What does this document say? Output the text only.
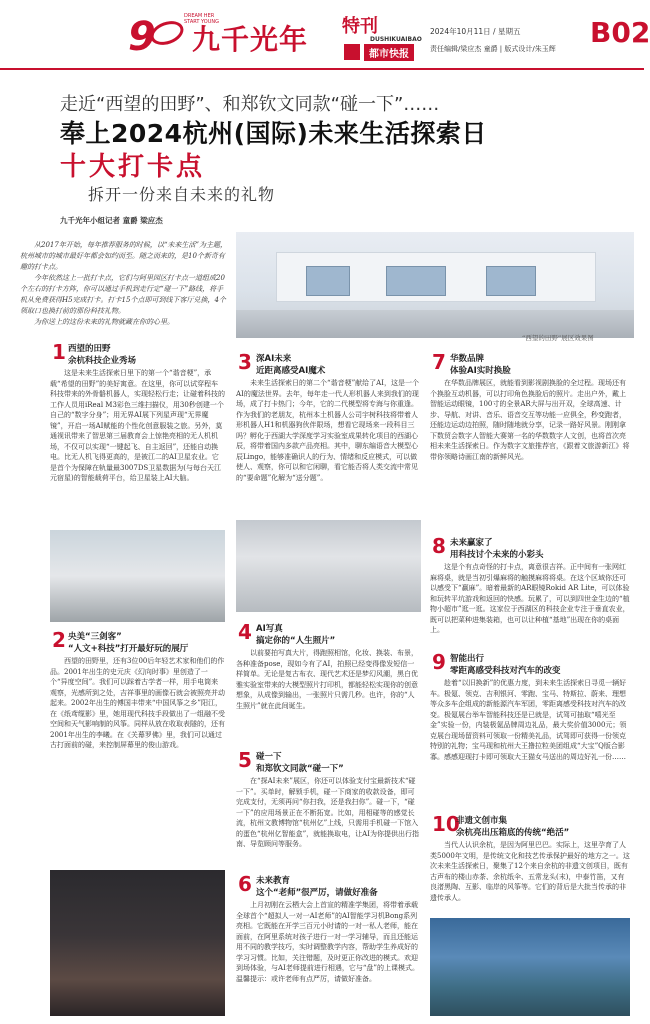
9	DREAM HER
START YOUNG
九千光年 特刊
DUSHIKUAIBAO
都市快报
2024年10月11日 / 星期五
责任编辑/梁应杰 童爵 | 版式设计/朱玉辉 B02
走近“西望的田野”、和郑钦文同款“碰一下”……
奉上2024杭州(国际)未来生活探索日
十大打卡点
拆开一份来自未来的礼物
九千光年小组记者 童爵 梁应杰

从2017年开始，每年推荐服务的时候，以“未来生活”为主题，杭州城市的城市最好年都会如约而至。随之而来的，是10个新奇有趣的打卡点。

今年依然这上一批打卡点，它们与阿里园区打卡点一道组成20个左右的打卡方阵，你可以通过手机到走行定“碰一下”路线，将手机从免费获得H5完成打卡。打卡15个点即可到线下客厅兑换，4个领取口也换打前的那份科技礼物。

为你送上的这份未来的礼物就藏在你的心里。

“西望的田野”展区效果图
1 西望的田野
余杭科技企业秀场
这是未来生活探索日里下的第一个“谐音梗”，承载“希望的田野”的美好寓意。在这里，你可以试穿程车科技带来的外骨骼机器人，实现轻松行走；让碰着科技的工作人员用iReal M3彩色三维扫描仪，用30秒创建一个自己的“数字分身”；用无界AI展下列星声现“无界魔镜”，开启一场AI赋能的个性化创意服装之旅。另外，莫通视讯带来了智思第三届教育会上惊艳亮相的无人机机场，不仅可以实现“一键起飞、自主返回”，还能自动换电。比无人机飞得更高的，是被江二的AI卫星农业。它是首个为保障在轨量最3007DS卫星数据为(与每台天江元宿星)的智能载荷平台，给卫星装上AI大脑。
2 央美“三剑客”
“人文+科技”打开最好玩的展厅
西望的田野里，还有3位00后年轻艺术家和他们的作品。2001年出生的史元庆《幻向时事》里创造了一个“异度空间”。我们可以踩着古学者一样，用手电筒来观察，光感所到之处，吉祥事里的画像石就会被照亮并动起来。2002年出生的傅国丰带来“中国风筝之乡”阳江，在《纸鸢缆影》里，她用现代科技手段做出了一组融不受空间和天气影响制的风筝。同样从放在收取表隧的，还有2001年出生的李曦。在《关幕罗佛》里，我们可以通过古打面前的碰，来控制屏幕里的俊山游戏。
3 深AI未来
近距离感受AI魔术
未来生活探索日的第二个“谐音梗”献给了AI，这是一个AI的魔法世界。去年，每年走一代人形机器人来到我们的现场，成了打卡热门；今年，它的二代模型将专海与你重逢。作为我们的老朋友，杭州本土机器人公司宇树科技将带着人形机器人H1和机器狗伙伴限场，想看它现场来一段科目三吗？孵化于西湖大学深度学习实验室成果转化项目的西湖心辰，将带着国内多款产品亮相。其中，聊东编语音大模型心辰Lingo，能够准确识人的行为、情绪和反应模式，可以做使人、观察，你可以和它闲聊，看它能否将人类交流中常见的“要命题”化解为“送分题”。
4 AI写真
搞定你的“人生照片”
以前要拍写真大片，得跑照相馆，化妆、换装、布景，各种准备pose，现如今有了AI，拍照已经变得像发短信一样简单。无论是复古布衣、现代艺术还是梦幻风潮，黑白优雅实验室带来的大模型照片打印机，都能轻松实现你的创意想象，从成像到输出，一张照片只需几秒。也许，你的“人生照片”就在此间诞生。
5 碰一下
和郑钦文同款“碰一下”
在“探AI未来”展区，你还可以体验支付宝最新技术“碰一下”。买单时，解锁手机，碰一下商家的收款设备，即可完成支付，无须再问“你扫我，还是我扫你”。碰一下，“碰一下”的应用场景正在不断拓宽。比如，用相碰等的感觉长流，杭州文教博物馆“杭州亿”上线，只需用手机碰一下馆入的蛋色“杭州亿智能盒”，就能换取电，让AI为你提供出行指南、导览顾问等服务。
6 未来教育
这个“老师”很严厉，请做好准备
上月初刚在云栖大会上首宣的精准学集团，将带着承载全球首个“超拟人一对一AI老师”的AI智能学习机Bong系列亮相。它既能在开学三百元小时请的一对一私人老师，能在面前，在阿里系统对孩子进行一对一学习辅导，而且还能运用不同的教学技巧，实时调整教学内容，帮助学生养成好的学习习惯。比如，关注错题，及时更正你改进的模式。欢迎到场体验，与AI老师提前进行相遇，它与“盘”的上课模式。温馨提示：或许老师有点严厉，请做好准备。
7 华数品牌
体验AI实时换脸
在华数品牌展区，就能看到影视剧换脸的全过程。现场还有个换脸互动机器，可以打印角色换脸后的照片。走出户外，戴上智能运动眼镜，100寸的全景AR大屏与出开双，全球高速、计步、导航、对讲、音乐、语音交互等功能一应俱全，秒变跑者，还能边运动边拍照，随时随地就分享，记录一路好风景。刚刚拿下数贸会数字人智能大赛第一名的华数数字人文创，也将首次亮相未来生活探索日。作为数字文旅推荐官，《跟着文旅游新江》将带你领略诗画江南的新鲜风光。
8 未来赢家了
用科技讨个未来的小彩头
这是个有点奇怪的打卡点，离意很吉祥。正中间有一张网红麻将桌，就是当初引爆麻将的触摸麻将将桌。在这个区域你还可以感受下“赢麻”。暗着最新的AR眼镜Rokid AR Lite，可以体验和玩转平坑游戏和返回的快感。玩累了，可以到四世金生边的“植物小超市”逛一逛。这家位于西湖区的科技企业专注于垂直农业，既可以把菜种进集装箱，也可以让种植“基地”出现在你的桌面上。
9 智能出行
零距离感受科技对汽车的改变
趁着“以旧换新”的优惠力度，到未来生活探索日寻觅一辆好车。极氪、领克、吉利银河、零跑、宝马、特斯拉、蔚来、理想等众多车企组成的新能源汽车军团，零距离感受科技对汽车的改变。极氪展台举车智能科技还是已就是，试驾可抽取“嘻光至金”实验一份，内装极氪品牌周边礼品，最大奖价值3000元；领克展台现场留资料可领取一份精美礼品，试驾即可获得一份领克特别的礼物；宝马现和杭州大王撸拉粒美团组成“大宝”Q版合影寡。感感迎现打卡即可领取大王猫女马送出的周边好礼一份……
10
非遗文创市集
余杭亮出压箱底的传统“绝活”
当代人认识余杭，是因为阿里巴巴。实际上，这里孕育了人类5000年文明，是传统文化和技艺传承保护最好的地方之一。这次未来生活探索日，聚集了12个来自余杭的非遗文创项目，既有古声布的楼山赤茶、余杭纸伞、五常龙头(末)，中泰竹笛，又有良渚黑陶、互影、临岸的风筝等。它们的背后是大批当传承的非遗传承人。
